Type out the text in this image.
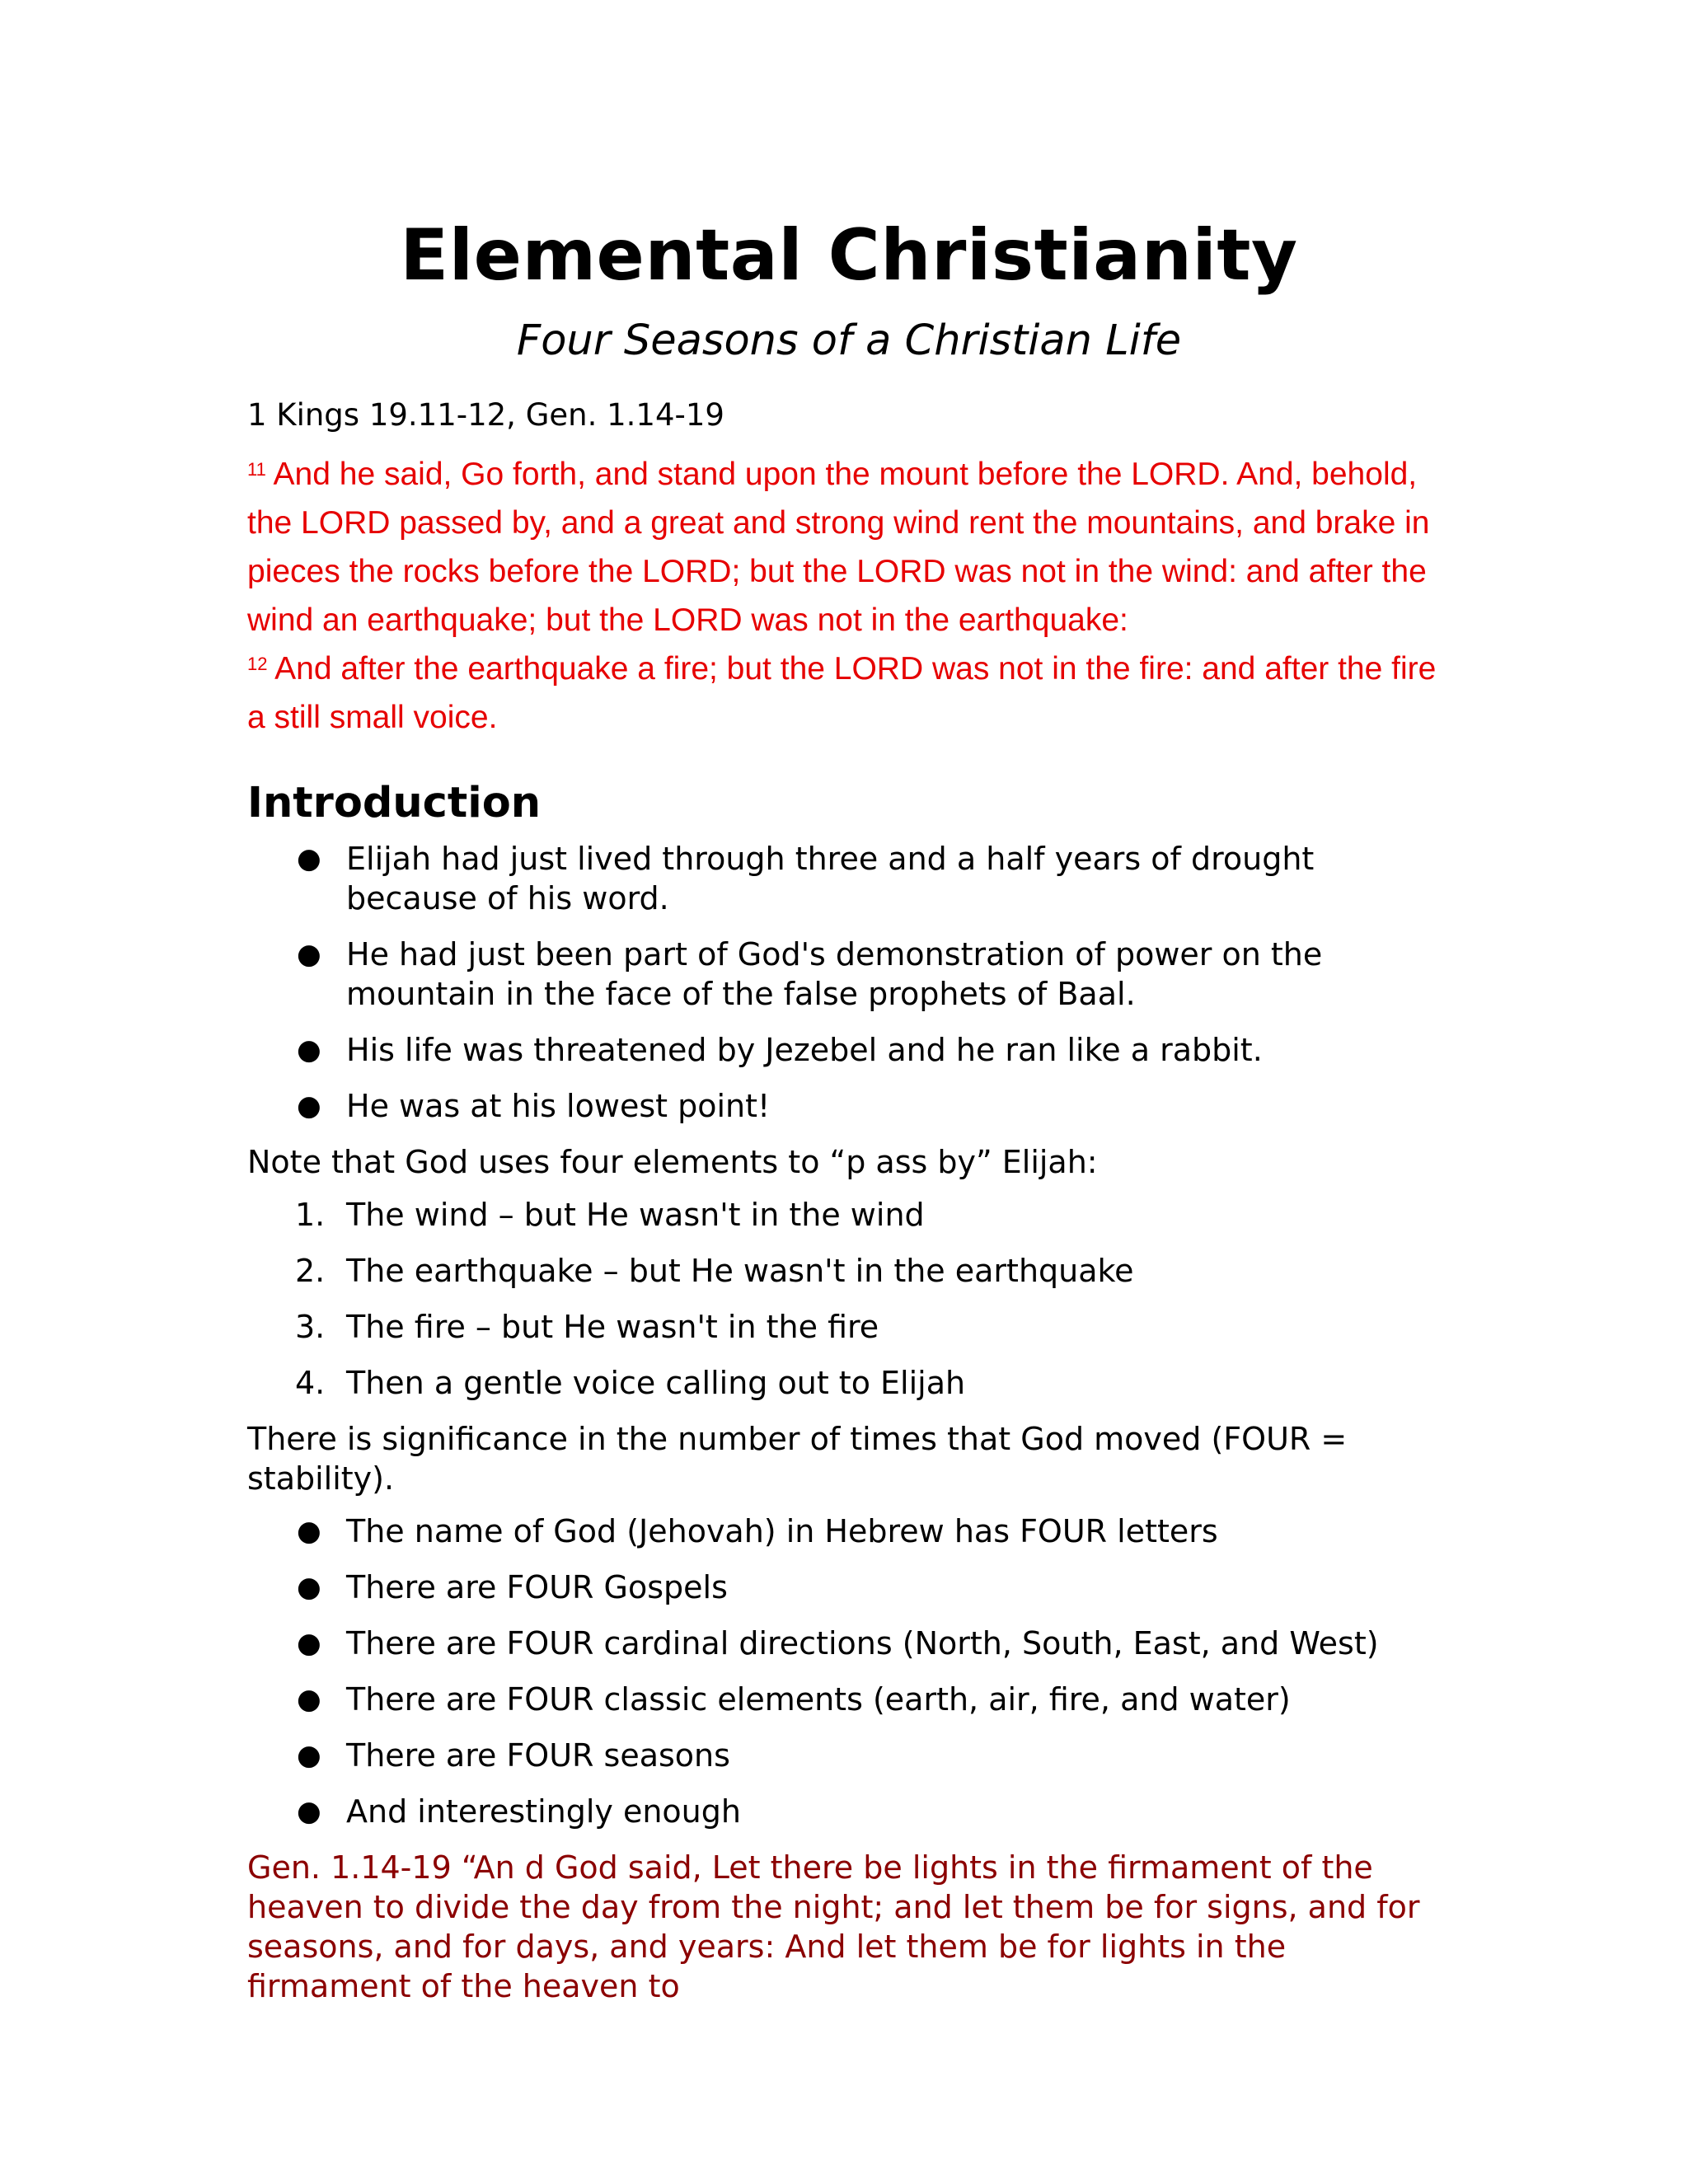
Elemental Christianity
Four Seasons of a Christian Life
1 Kings 19.11-12, Gen. 1.14-19
$^{11}$ And he said, Go forth, and stand upon the mount before the LORD. And, behold, the LORD passed by, and a great and strong wind rent the mountains, and brake in pieces the rocks before the LORD; but the LORD was not in the wind: and after the wind an earthquake; but the LORD was not in the earthquake:
$^{12}$ And after the earthquake a fire; but the LORD was not in the fire: and after the fire a still small voice.
Introduction
● Elijah had just lived through three and a half years of drought because of his word.
● He had just been part of God's demonstration of power on the mountain in the face of the false prophets of Baal.
● His life was threatened by Jezebel and he ran like a rabbit.
● He was at his lowest point!

Note that God uses four elements to “p ass by” Elijah:

1. The wind – but He wasn't in the wind
2. The earthquake – but He wasn't in the earthquake
3. The fire – but He wasn't in the fire
4. Then a gentle voice calling out to Elijah

There is significance in the number of times that God moved (FOUR = stability).

● The name of God (Jehovah) in Hebrew has FOUR letters
● There are FOUR Gospels
● There are FOUR cardinal directions (North, South, East, and West)
● There are FOUR classic elements (earth, air, fire, and water)
● There are FOUR seasons
● And interestingly enough

Gen. 1.14-19 “An d God said, Let there be lights in the firmament of the heaven to divide the day from the night; and let them be for signs, and for seasons, and for days, and years: And let them be for lights in the firmament of the heaven to
